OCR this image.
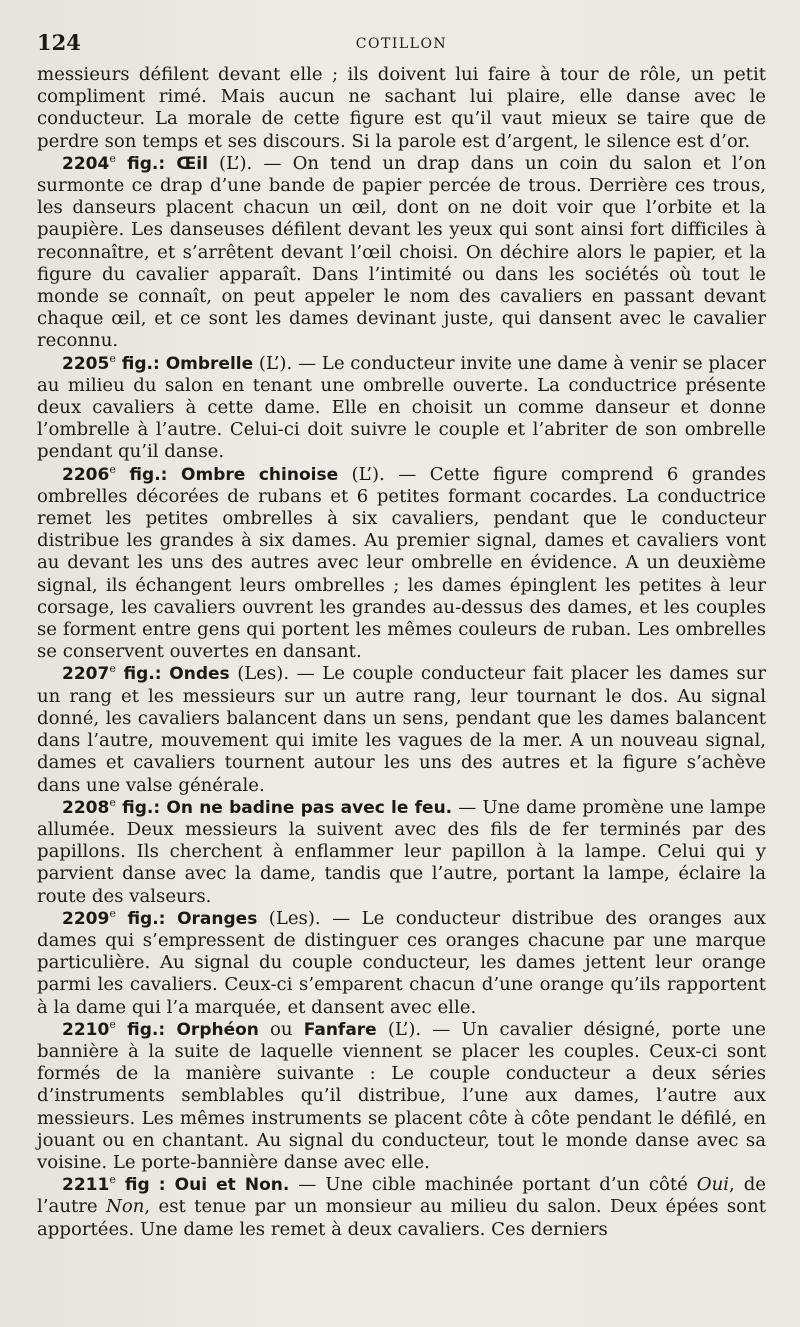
124	COTILLON

messieurs défilent devant elle ; ils doivent lui faire à tour de rôle, un petit compliment rimé. Mais aucun ne sachant lui plaire, elle danse avec le conducteur. La morale de cette figure est qu’il vaut mieux se taire que de perdre son temps et ses discours. Si la parole est d’argent, le silence est d’or.

2204e fig.: Œil (L’). — On tend un drap dans un coin du salon et l’on surmonte ce drap d’une bande de papier percée de trous. Derrière ces trous, les danseurs placent chacun un œil, dont on ne doit voir que l’orbite et la paupière. Les danseuses défilent devant les yeux qui sont ainsi fort difficiles à reconnaître, et s’arrêtent devant l’œil choisi. On déchire alors le papier, et la figure du cavalier apparaît. Dans l’intimité ou dans les sociétés où tout le monde se connaît, on peut appeler le nom des cavaliers en passant devant chaque œil, et ce sont les dames devinant juste, qui dansent avec le cavalier reconnu.

2205e fig.: Ombrelle (L’). — Le conducteur invite une dame à venir se placer au milieu du salon en tenant une ombrelle ouverte. La conductrice présente deux cavaliers à cette dame. Elle en choisit un comme danseur et donne l’ombrelle à l’autre. Celui-ci doit suivre le couple et l’abriter de son ombrelle pendant qu’il danse.

2206e fig.: Ombre chinoise (L’). — Cette figure comprend 6 grandes ombrelles décorées de rubans et 6 petites formant cocardes. La conductrice remet les petites ombrelles à six cavaliers, pendant que le conducteur distribue les grandes à six dames. Au premier signal, dames et cavaliers vont au devant les uns des autres avec leur ombrelle en évidence. A un deuxième signal, ils échangent leurs ombrelles ; les dames épinglent les petites à leur corsage, les cavaliers ouvrent les grandes au-dessus des dames, et les couples se forment entre gens qui portent les mêmes couleurs de ruban. Les ombrelles se conservent ouvertes en dansant.

2207e fig.: Ondes (Les). — Le couple conducteur fait placer les dames sur un rang et les messieurs sur un autre rang, leur tournant le dos. Au signal donné, les cavaliers balancent dans un sens, pendant que les dames balancent dans l’autre, mouvement qui imite les vagues de la mer. A un nouveau signal, dames et cavaliers tournent autour les uns des autres et la figure s’achève dans une valse générale.

2208e fig.: On ne badine pas avec le feu. — Une dame promène une lampe allumée. Deux messieurs la suivent avec des fils de fer terminés par des papillons. Ils cherchent à enflammer leur papillon à la lampe. Celui qui y parvient danse avec la dame, tandis que l’autre, portant la lampe, éclaire la route des valseurs.

2209e fig.: Oranges (Les). — Le conducteur distribue des oranges aux dames qui s’empressent de distinguer ces oranges chacune par une marque particulière. Au signal du couple conducteur, les dames jettent leur orange parmi les cavaliers. Ceux-ci s’emparent chacun d’une orange qu’ils rapportent à la dame qui l’a marquée, et dansent avec elle.

2210e fig.: Orphéon ou Fanfare (L’). — Un cavalier désigné, porte une bannière à la suite de laquelle viennent se placer les couples. Ceux-ci sont formés de la manière suivante : Le couple conducteur a deux séries d’instruments semblables qu’il distribue, l’une aux dames, l’autre aux messieurs. Les mêmes instruments se placent côte à côte pendant le défilé, en jouant ou en chantant. Au signal du conducteur, tout le monde danse avec sa voisine. Le porte-bannière danse avec elle.

2211e fig : Oui et Non. — Une cible machinée portant d’un côté Oui, de l’autre Non, est tenue par un monsieur au milieu du salon. Deux épées sont apportées. Une dame les remet à deux cavaliers. Ces derniers
